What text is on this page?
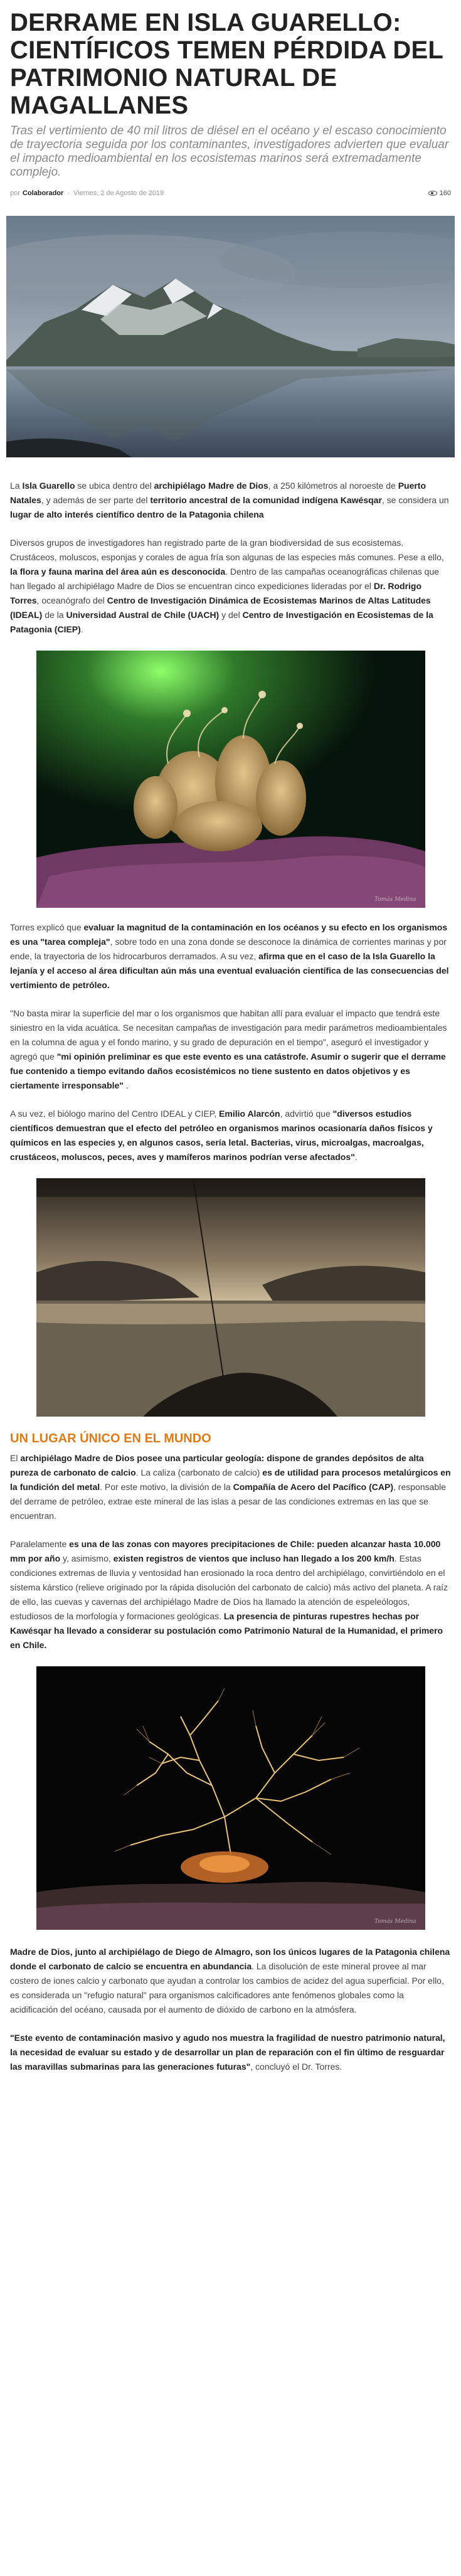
DERRAME EN ISLA GUARELLO: CIENTÍFICOS TEMEN PÉRDIDA DEL PATRIMONIO NATURAL DE MAGALLANES

Tras el vertimiento de 40 mil litros de diésel en el océano y el escaso conocimiento de trayectoria seguida por los contaminantes, investigadores advierten que evaluar el impacto medioambiental en los ecosistemas marinos será extremadamente complejo.

por Colaborador - Viernes, 2 de Agosto de 2019	160

La Isla Guarello se ubica dentro del archipiélago Madre de Dios, a 250 kilómetros al noroeste de Puerto Natales, y además de ser parte del territorio ancestral de la comunidad indígena Kawésqar, se considera un lugar de alto interés científico dentro de la Patagonia chilena

Diversos grupos de investigadores han registrado parte de la gran biodiversidad de sus ecosistemas. Crustáceos, moluscos, esponjas y corales de agua fría son algunas de las especies más comunes. Pese a ello, la flora y fauna marina del área aún es desconocida. Dentro de las campañas oceanográficas chilenas que han llegado al archipiélago Madre de Dios se encuentran cinco expediciones lideradas por el Dr. Rodrigo Torres, oceanógrafo del Centro de Investigación Dinámica de Ecosistemas Marinos de Altas Latitudes (IDEAL) de la Universidad Austral de Chile (UACH) y del Centro de Investigación en Ecosistemas de la Patagonia (CIEP).

Tomás Medina

Torres explicó que evaluar la magnitud de la contaminación en los océanos y su efecto en los organismos es una "tarea compleja", sobre todo en una zona donde se desconoce la dinámica de corrientes marinas y por ende, la trayectoria de los hidrocarburos derramados. A su vez, afirma que en el caso de la Isla Guarello la lejanía y el acceso al área dificultan aún más una eventual evaluación científica de las consecuencias del vertimiento de petróleo.

"No basta mirar la superficie del mar o los organismos que habitan allí para evaluar el impacto que tendrá este siniestro en la vida acuática. Se necesitan campañas de investigación para medir parámetros medioambientales en la columna de agua y el fondo marino, y su grado de depuración en el tiempo", aseguró el investigador y agregó que "mi opinión preliminar es que este evento es una catástrofe. Asumir o sugerir que el derrame fue contenido a tiempo evitando daños ecosistémicos no tiene sustento en datos objetivos y es ciertamente irresponsable" .

A su vez, el biólogo marino del Centro IDEAL y CIEP, Emilio Alarcón, advirtió que "diversos estudios científicos demuestran que el efecto del petróleo en organismos marinos ocasionaría daños físicos y químicos en las especies y, en algunos casos, sería letal. Bacterias, virus, microalgas, macroalgas, crustáceos, moluscos, peces, aves y mamíferos marinos podrían verse afectados".

UN LUGAR ÚNICO EN EL MUNDO

El archipiélago Madre de Dios posee una particular geología: dispone de grandes depósitos de alta pureza de carbonato de calcio. La caliza (carbonato de calcio) es de utilidad para procesos metalúrgicos en la fundición del metal. Por este motivo, la división de la Compañía de Acero del Pacífico (CAP), responsable del derrame de petróleo, extrae este mineral de las islas a pesar de las condiciones extremas en las que se encuentran.

Paralelamente es una de las zonas con mayores precipitaciones de Chile: pueden alcanzar hasta 10.000 mm por año y, asimismo, existen registros de vientos que incluso han llegado a los 200 km/h. Estas condiciones extremas de lluvia y ventosidad han erosionado la roca dentro del archipiélago, convirtiéndolo en el sistema kárstico (relieve originado por la rápida disolución del carbonato de calcio) más activo del planeta. A raíz de ello, las cuevas y cavernas del archipiélago Madre de Dios ha llamado la atención de espeleólogos, estudiosos de la morfología y formaciones geológicas. La presencia de pinturas rupestres hechas por Kawésqar ha llevado a considerar su postulación como Patrimonio Natural de la Humanidad, el primero en Chile.

Tomás Medina

Madre de Dios, junto al archipiélago de Diego de Almagro, son los únicos lugares de la Patagonia chilena donde el carbonato de calcio se encuentra en abundancia. La disolución de este mineral provee al mar costero de iones calcio y carbonato que ayudan a controlar los cambios de acidez del agua superficial. Por ello, es considerada un "refugio natural" para organismos calcificadores ante fenómenos globales como la acidificación del océano, causada por el aumento de dióxido de carbono en la atmósfera.

"Este evento de contaminación masivo y agudo nos muestra la fragilidad de nuestro patrimonio natural, la necesidad de evaluar su estado y de desarrollar un plan de reparación con el fin último de resguardar las maravillas submarinas para las generaciones futuras", concluyó el Dr. Torres.
